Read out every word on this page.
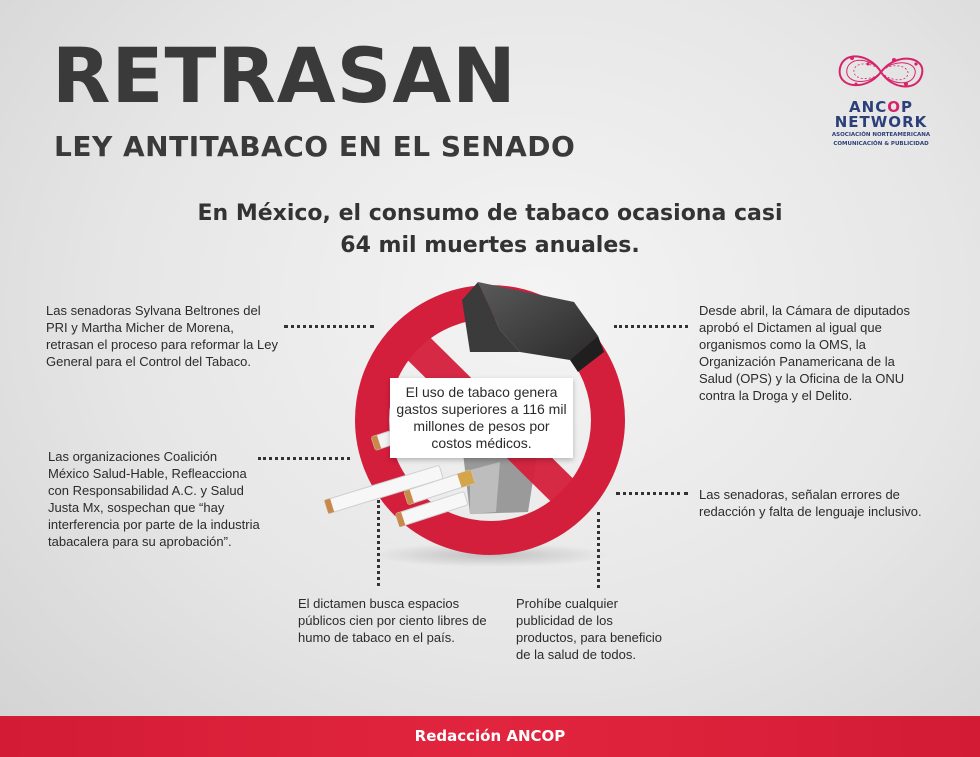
RETRASAN
LEY ANTITABACO EN EL SENADO
ANCOP
NETWORK
ASOCIACIÓN NORTEAMERICANA
COMUNICACIÓN & PUBLICIDAD

En México, el consumo de tabaco ocasiona casi
64 mil muertes anuales.

El uso de tabaco genera gastos superiores a 116 mil millones de pesos por costos médicos.

Las senadoras Sylvana Beltrones del PRI y Martha Micher de Morena, retrasan el proceso para reformar la Ley General para el Control del Tabaco.

Las organizaciones Coalición México Salud-Hable, Refleacciona con Responsabilidad A.C. y Salud Justa Mx, sospechan que “hay interferencia por parte de la industria tabacalera para su aprobación”.

Desde abril, la Cámara de diputados aprobó el Dictamen al igual que organismos como la OMS, la Organización Panamericana de la Salud (OPS) y la Oficina de la ONU contra la Droga y el Delito.

Las senadoras, señalan errores de redacción y falta de lenguaje inclusivo.

El dictamen busca espacios públicos cien por ciento libres de humo de tabaco en el país.

Prohíbe cualquier publicidad de los productos, para beneficio de la salud de todos.

Redacción ANCOP
